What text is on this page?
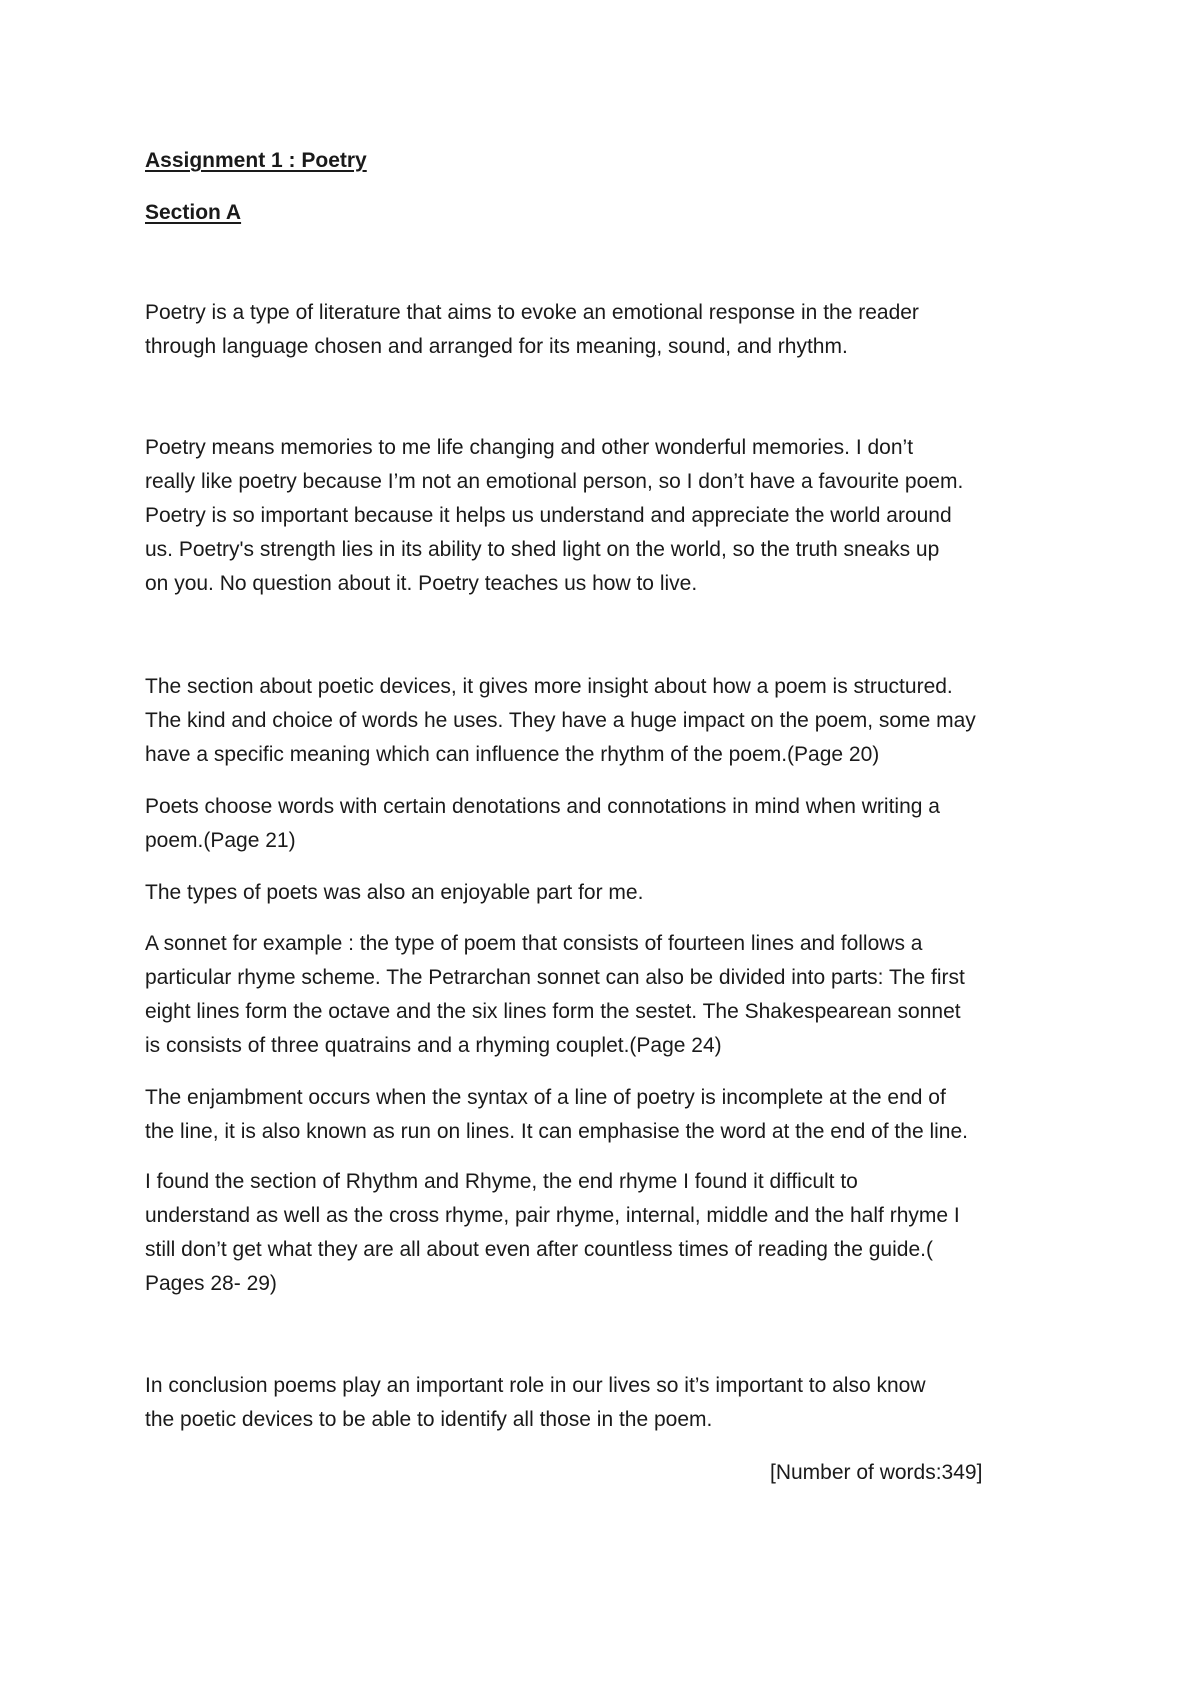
Assignment 1 : Poetry

Section A

Poetry is a type of literature that aims to evoke an emotional response in the reader
through language chosen and arranged for its meaning, sound, and rhythm.

Poetry means memories to me life changing and other wonderful memories. I don’t
really like poetry because I’m not an emotional person, so I don’t have a favourite poem.
Poetry is so important because it helps us understand and appreciate the world around
us. Poetry's strength lies in its ability to shed light on the world, so the truth sneaks up
on you. No question about it. Poetry teaches us how to live.

The section about poetic devices, it gives more insight about how a poem is structured.
The kind and choice of words he uses. They have a huge impact on the poem, some may
have a specific meaning which can influence the rhythm of the poem.(Page 20)

Poets choose words with certain denotations and connotations in mind when writing a
poem.(Page 21)

The types of poets was also an enjoyable part for me.

A sonnet for example : the type of poem that consists of fourteen lines and follows a
particular rhyme scheme. The Petrarchan sonnet can also be divided into parts: The first
eight lines form the octave and the six lines form the sestet. The Shakespearean sonnet
is consists of three quatrains and a rhyming couplet.(Page 24)

The enjambment occurs when the syntax of a line of poetry is incomplete at the end of
the line, it is also known as run on lines. It can emphasise the word at the end of the line.

I found the section of Rhythm and Rhyme, the end rhyme I found it difficult to
understand as well as the cross rhyme, pair rhyme, internal, middle and the half rhyme I
still don’t get what they are all about even after countless times of reading the guide.(
Pages 28- 29)

In conclusion poems play an important role in our lives so it’s important to also know
the poetic devices to be able to identify all those in the poem.

[Number of words:349]
